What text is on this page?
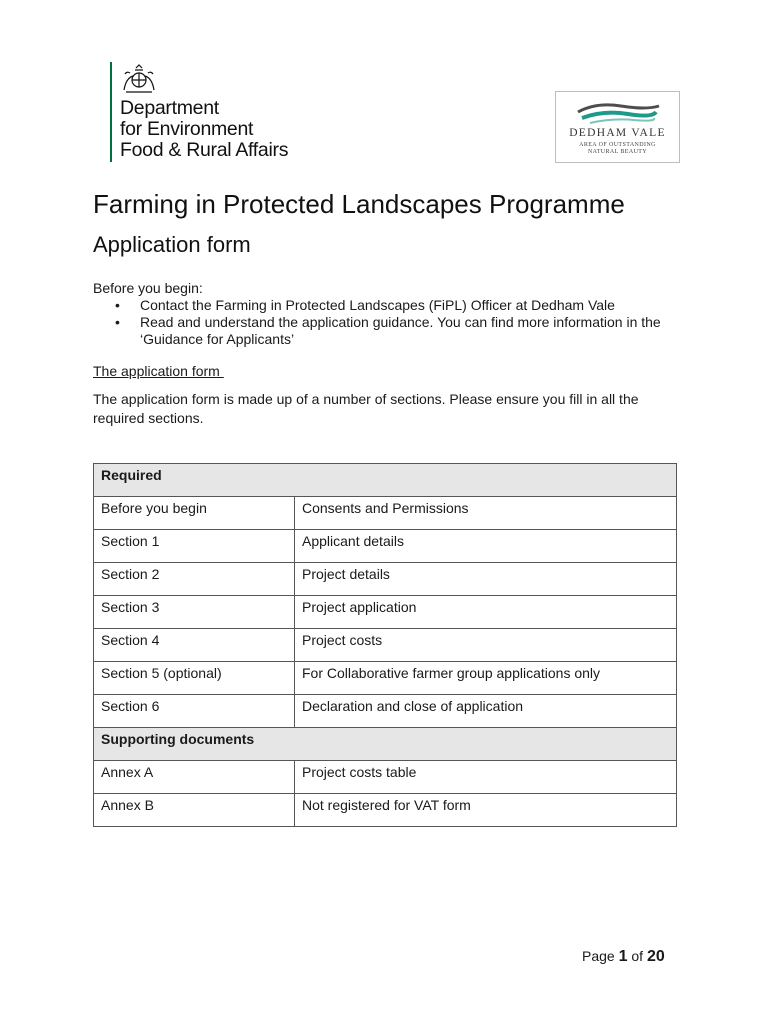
Department
for Environment
Food & Rural Affairs
DEDHAM VALE
AREA OF OUTSTANDING
NATURAL BEAUTY
Farming in Protected Landscapes Programme
Application form
Before you begin:
• Contact the Farming in Protected Landscapes (FiPL) Officer at Dedham Vale
• Read and understand the application guidance. You can find more information in the ‘Guidance for Applicants’
The application form
The application form is made up of a number of sections. Please ensure you fill in all the required sections.
Required	
Before you begin	Consents and Permissions
Section 1	Applicant details
Section 2	Project details
Section 3	Project application
Section 4	Project costs
Section 5 (optional)	For Collaborative farmer group applications only
Section 6	Declaration and close of application
Supporting documents	
Annex A	Project costs table
Annex B	Not registered for VAT form
Page 1 of 20
